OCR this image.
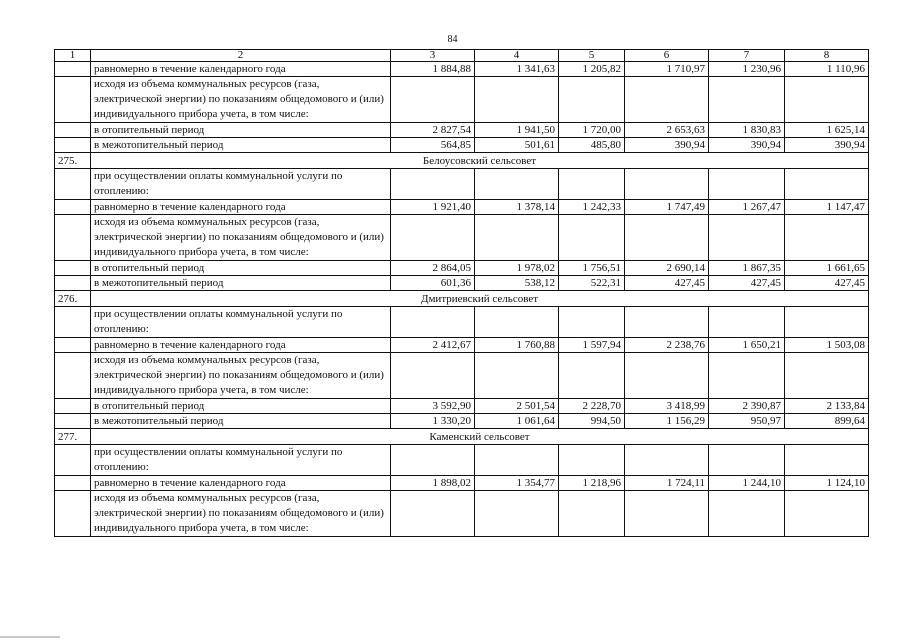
84
1	2	3	4	5	6	7	8
	равномерно в течение календарного года	1 884,88	1 341,63	1 205,82	1 710,97	1 230,96	1 110,96
	исходя из объема коммунальных ресурсов (газа, электрической энергии) по показаниям общедомового и (или) индивидуального прибора учета, в том числе:						
	в отопительный период	2 827,54	1 941,50	1 720,00	2 653,63	1 830,83	1 625,14
	в межотопительный период	564,85	501,61	485,80	390,94	390,94	390,94
275.	Белоусовский сельсовет						
	при осуществлении оплаты коммунальной услуги по отоплению:						
	равномерно в течение календарного года	1 921,40	1 378,14	1 242,33	1 747,49	1 267,47	1 147,47
	исходя из объема коммунальных ресурсов (газа, электрической энергии) по показаниям общедомового и (или) индивидуального прибора учета, в том числе:						
	в отопительный период	2 864,05	1 978,02	1 756,51	2 690,14	1 867,35	1 661,65
	в межотопительный период	601,36	538,12	522,31	427,45	427,45	427,45
276.	Дмитриевский сельсовет						
	при осуществлении оплаты коммунальной услуги по отоплению:						
	равномерно в течение календарного года	2 412,67	1 760,88	1 597,94	2 238,76	1 650,21	1 503,08
	исходя из объема коммунальных ресурсов (газа, электрической энергии) по показаниям общедомового и (или) индивидуального прибора учета, в том числе:						
	в отопительный период	3 592,90	2 501,54	2 228,70	3 418,99	2 390,87	2 133,84
	в межотопительный период	1 330,20	1 061,64	994,50	1 156,29	950,97	899,64
277.	Каменский сельсовет						
	при осуществлении оплаты коммунальной услуги по отоплению:						
	равномерно в течение календарного года	1 898,02	1 354,77	1 218,96	1 724,11	1 244,10	1 124,10
	исходя из объема коммунальных ресурсов (газа, электрической энергии) по показаниям общедомового и (или) индивидуального прибора учета, в том числе:						
